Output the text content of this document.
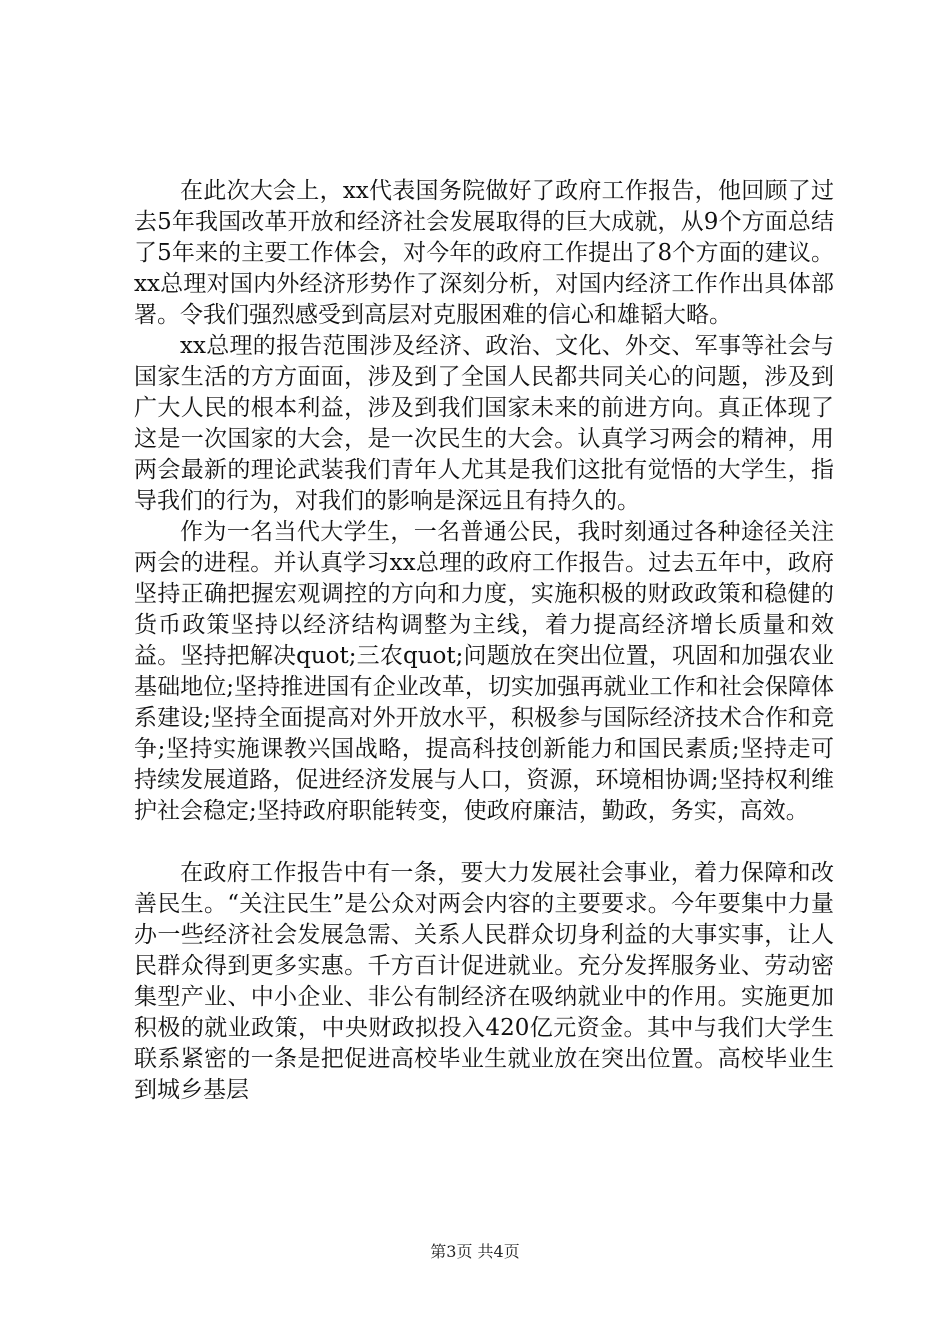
在此次大会上，xx代表国务院做好了政府工作报告，他回顾了过去5年我国改革开放和经济社会发展取得的巨大成就，从9个方面总结了5年来的主要工作体会，对今年的政府工作提出了8个方面的建议。xx总理对国内外经济形势作了深刻分析，对国内经济工作作出具体部署。令我们强烈感受到高层对克服困难的信心和雄韬大略。

xx总理的报告范围涉及经济、政治、文化、外交、军事等社会与国家生活的方方面面，涉及到了全国人民都共同关心的问题，涉及到广大人民的根本利益，涉及到我们国家未来的前进方向。真正体现了这是一次国家的大会，是一次民生的大会。认真学习两会的精神，用两会最新的理论武装我们青年人尤其是我们这批有觉悟的大学生，指导我们的行为，对我们的影响是深远且有持久的。

作为一名当代大学生，一名普通公民，我时刻通过各种途径关注两会的进程。并认真学习xx总理的政府工作报告。过去五年中，政府坚持正确把握宏观调控的方向和力度，实施积极的财政政策和稳健的货币政策坚持以经济结构调整为主线，着力提高经济增长质量和效益。坚持把解决quot;三农quot;问题放在突出位置，巩固和加强农业基础地位;坚持推进国有企业改革，切实加强再就业工作和社会保障体系建设;坚持全面提高对外开放水平，积极参与国际经济技术合作和竞争;坚持实施课教兴国战略，提高科技创新能力和国民素质;坚持走可持续发展道路，促进经济发展与人口，资源，环境相协调;坚持权利维护社会稳定;坚持政府职能转变，使政府廉洁，勤政，务实，高效。

在政府工作报告中有一条，要大力发展社会事业，着力保障和改善民生。“关注民生”是公众对两会内容的主要要求。今年要集中力量办一些经济社会发展急需、关系人民群众切身利益的大事实事，让人民群众得到更多实惠。千方百计促进就业。充分发挥服务业、劳动密集型产业、中小企业、非公有制经济在吸纳就业中的作用。实施更加积极的就业政策，中央财政拟投入420亿元资金。其中与我们大学生联系紧密的一条是把促进高校毕业生就业放在突出位置。高校毕业生到城乡基层

第3页 共4页
